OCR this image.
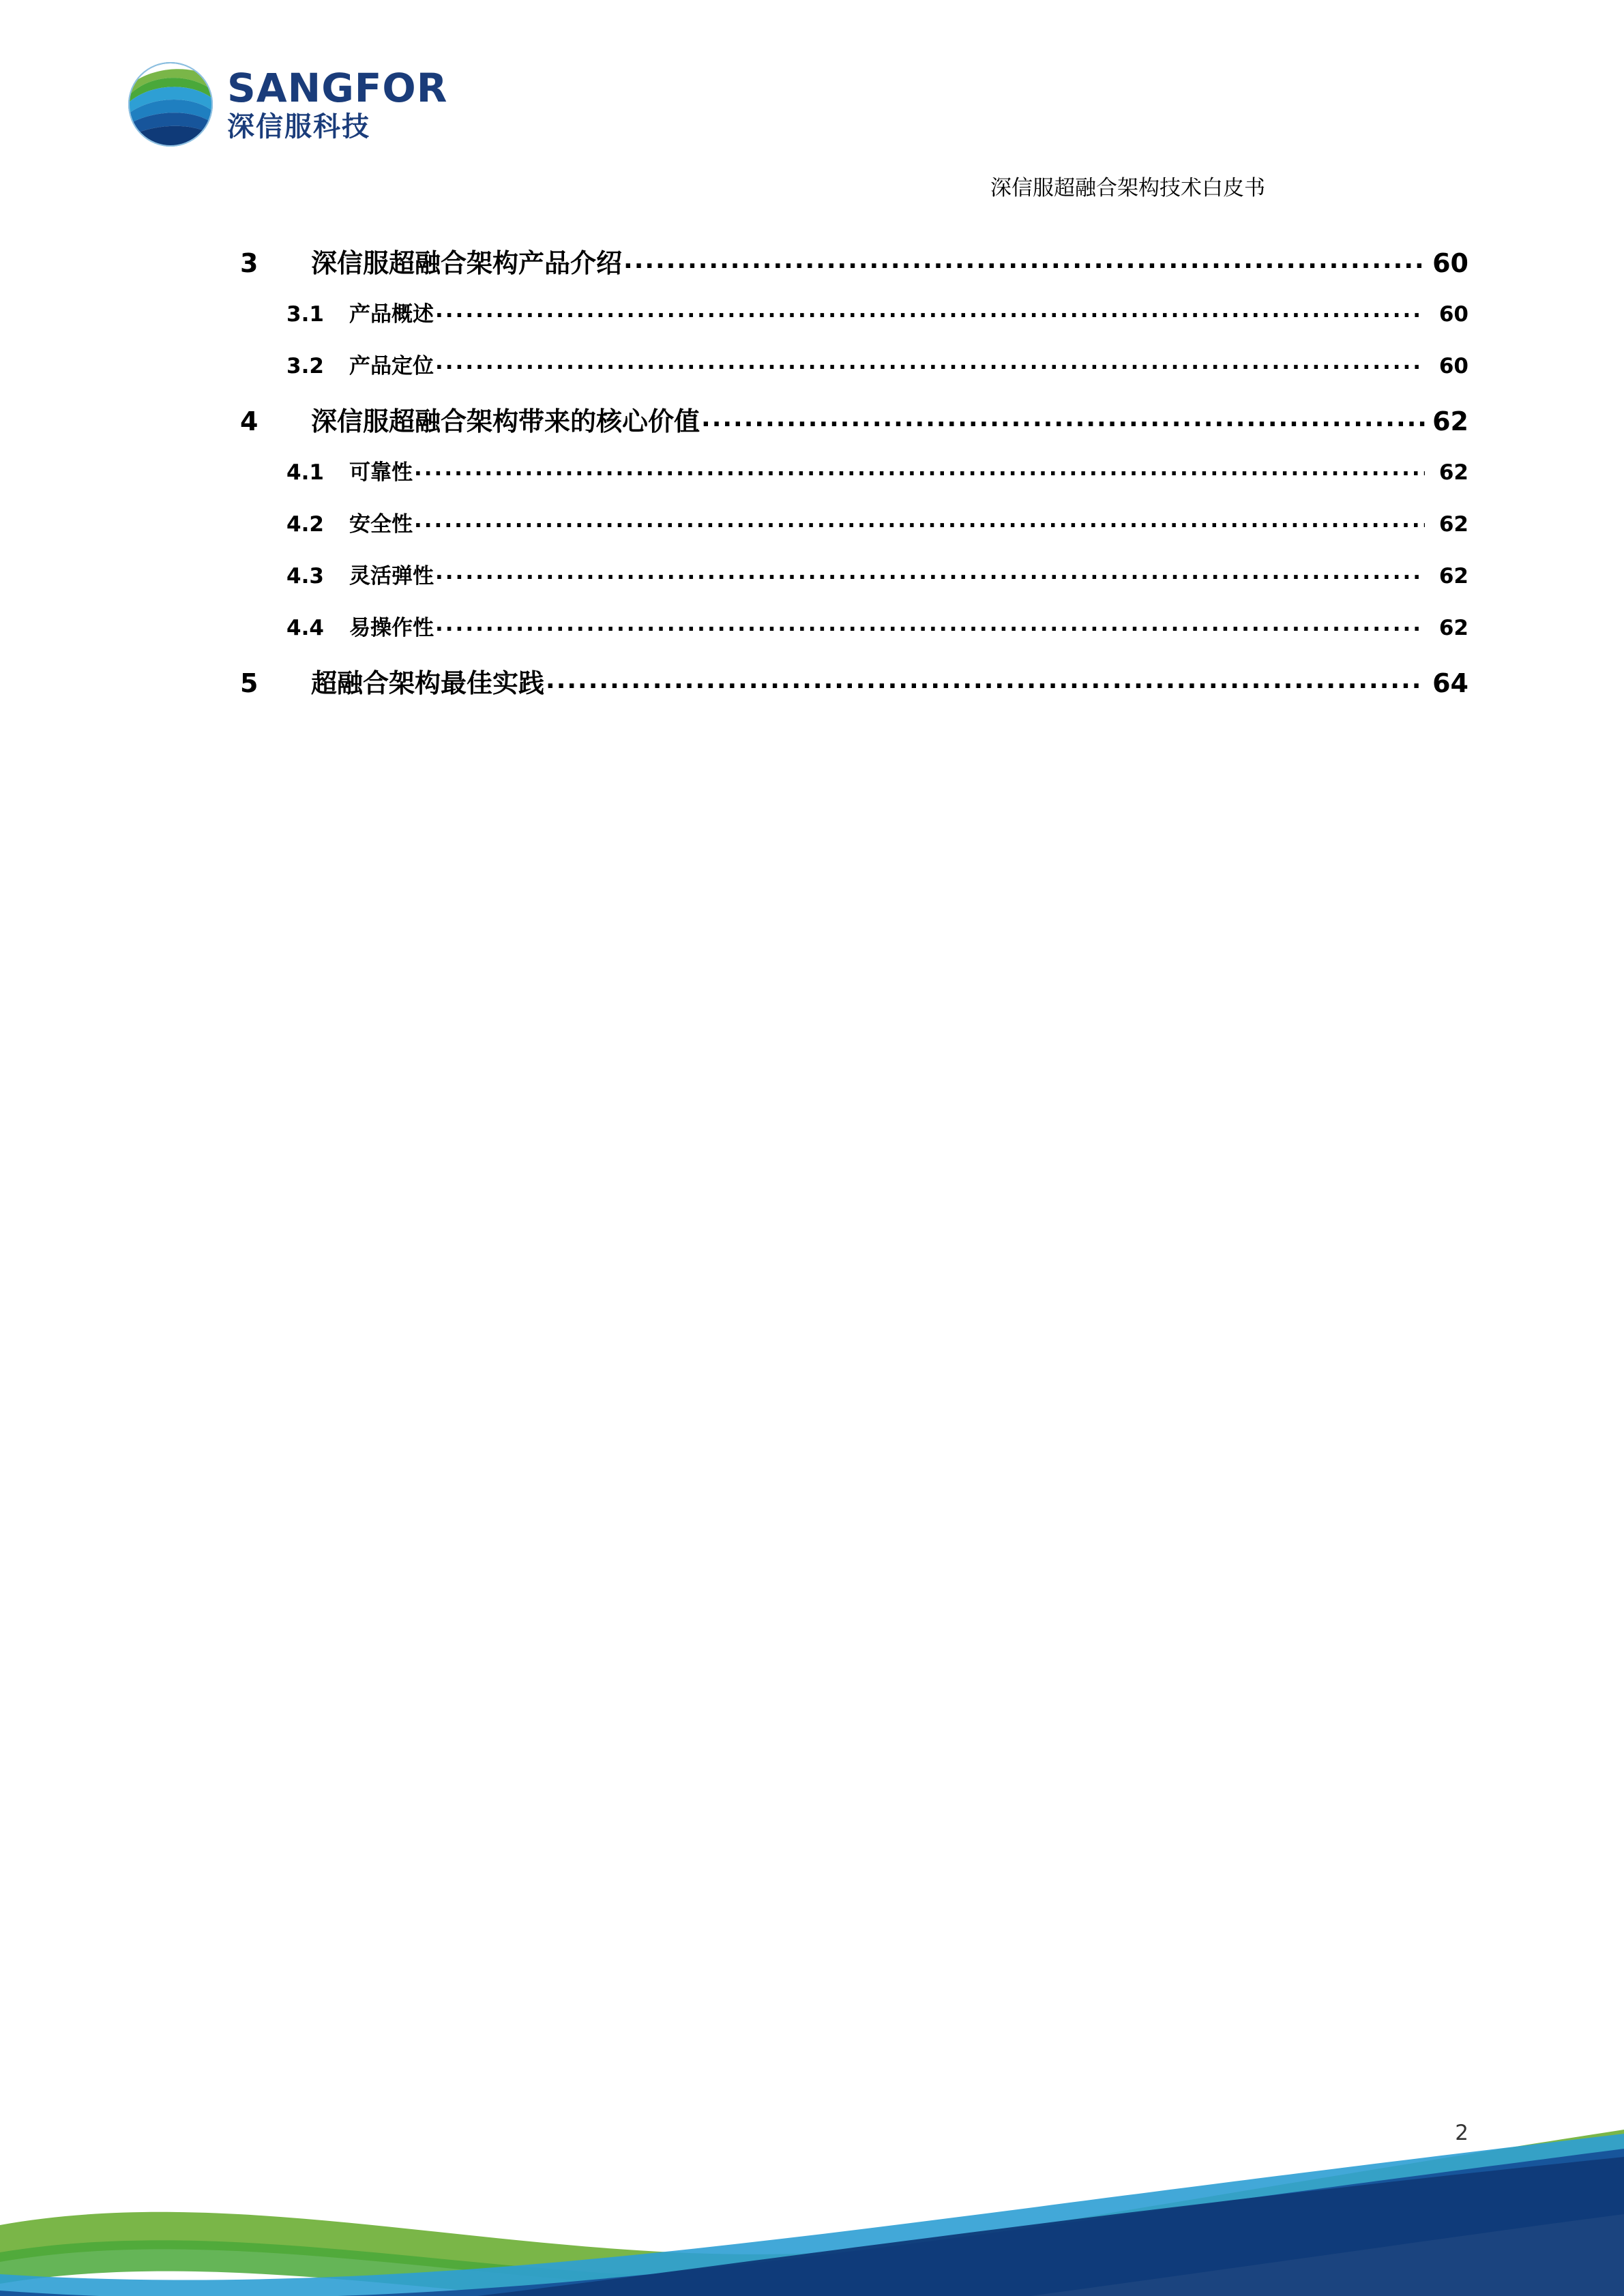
SANGFOR
深信服科技
深信服超融合架构技术白皮书
3	深信服超融合架构产品介绍 .....	60
3.1	产品概述 .....	60
3.2	产品定位 .....	60
4	深信服超融合架构带来的核心价值 .....	62
4.1	可靠性 .....	62
4.2	安全性 .....	62
4.3	灵活弹性 .....	62
4.4	易操作性 .....	62
5	超融合架构最佳实践 .....	64
2
